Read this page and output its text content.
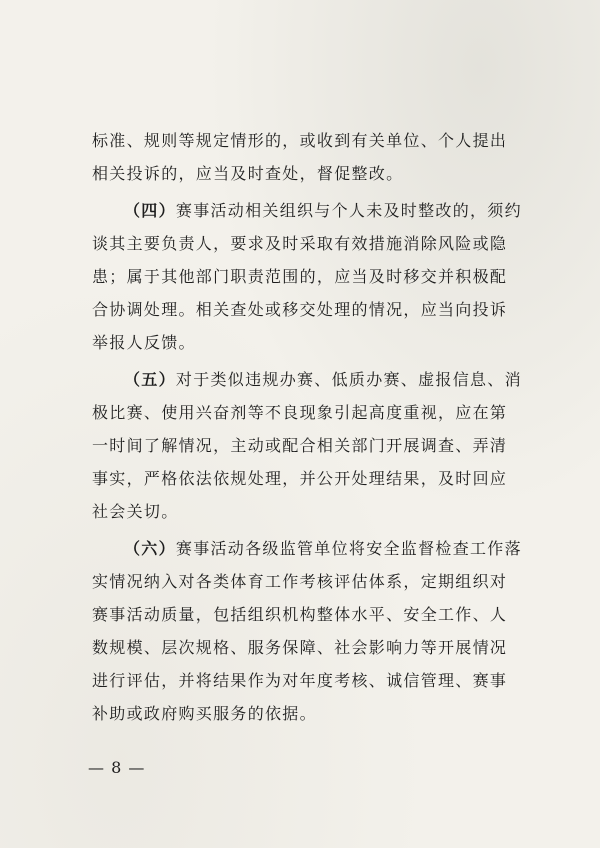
标准、规则等规定情形的，或收到有关单位、个人提出相关投诉的，应当及时查处，督促整改。

（四）赛事活动相关组织与个人未及时整改的，须约谈其主要负责人，要求及时采取有效措施消除风险或隐患；属于其他部门职责范围的，应当及时移交并积极配合协调处理。相关查处或移交处理的情况，应当向投诉举报人反馈。

（五）对于类似违规办赛、低质办赛、虚报信息、消极比赛、使用兴奋剂等不良现象引起高度重视，应在第一时间了解情况，主动或配合相关部门开展调查、弄清事实，严格依法依规处理，并公开处理结果，及时回应社会关切。

（六）赛事活动各级监管单位将安全监督检查工作落实情况纳入对各类体育工作考核评估体系，定期组织对赛事活动质量，包括组织机构整体水平、安全工作、人数规模、层次规格、服务保障、社会影响力等开展情况进行评估，并将结果作为对年度考核、诚信管理、赛事补助或政府购买服务的依据。

— 8 —
